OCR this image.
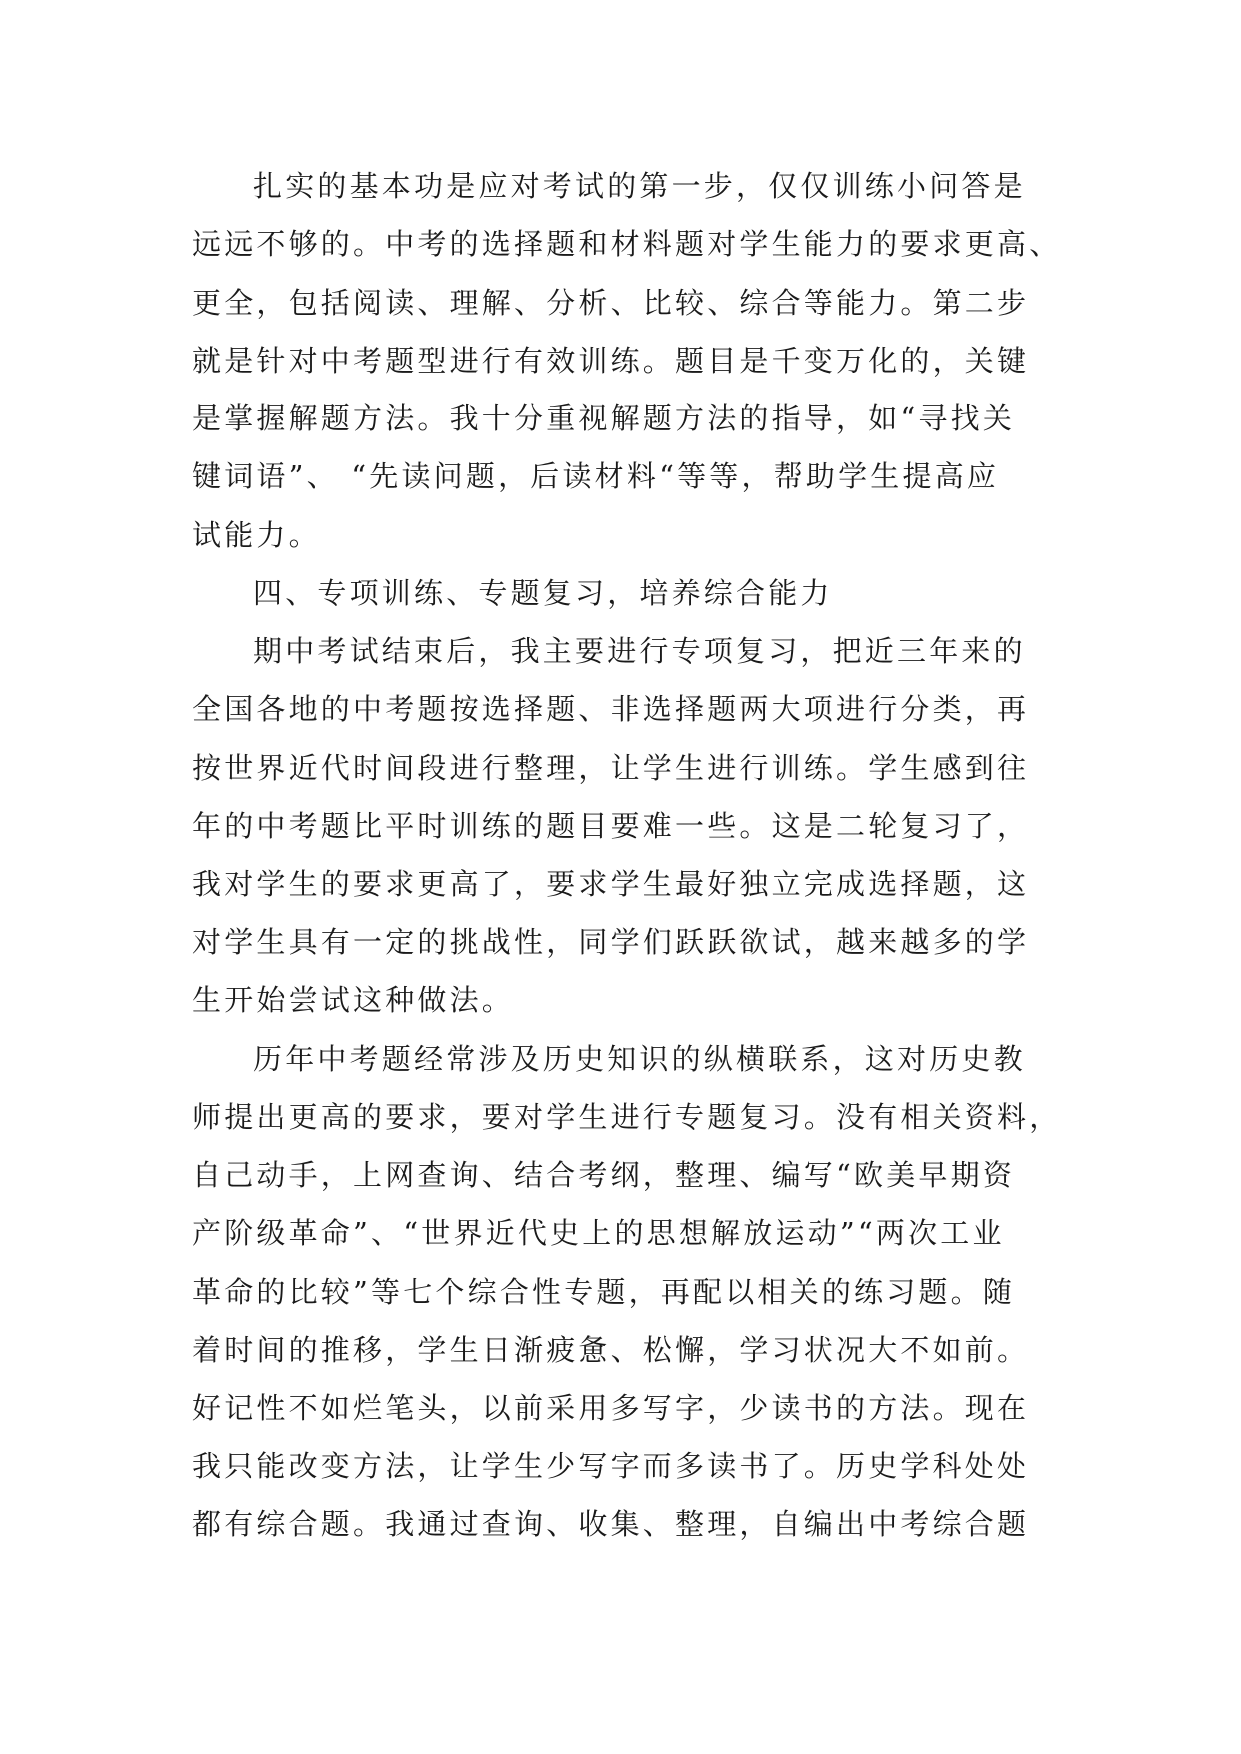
扎实的基本功是应对考试的第一步，仅仅训练小问答是
远远不够的。中考的选择题和材料题对学生能力的要求更高、
更全，包括阅读、理解、分析、比较、综合等能力。第二步
就是针对中考题型进行有效训练。题目是千变万化的，关键
是掌握解题方法。我十分重视解题方法的指导，如“寻找关
键词语”、 “先读问题，后读材料“等等，帮助学生提高应
试能力。
四、专项训练、专题复习，培养综合能力
期中考试结束后，我主要进行专项复习，把近三年来的
全国各地的中考题按选择题、非选择题两大项进行分类，再
按世界近代时间段进行整理，让学生进行训练。学生感到往
年的中考题比平时训练的题目要难一些。这是二轮复习了，
我对学生的要求更高了，要求学生最好独立完成选择题，这
对学生具有一定的挑战性，同学们跃跃欲试，越来越多的学
生开始尝试这种做法。
历年中考题经常涉及历史知识的纵横联系，这对历史教
师提出更高的要求，要对学生进行专题复习。没有相关资料，
自己动手，上网查询、结合考纲，整理、编写“欧美早期资
产阶级革命”、“世界近代史上的思想解放运动”“两次工业
革命的比较”等七个综合性专题，再配以相关的练习题。随
着时间的推移，学生日渐疲惫、松懈，学习状况大不如前。
好记性不如烂笔头，以前采用多写字，少读书的方法。现在
我只能改变方法，让学生少写字而多读书了。历史学科处处
都有综合题。我通过查询、收集、整理，自编出中考综合题
